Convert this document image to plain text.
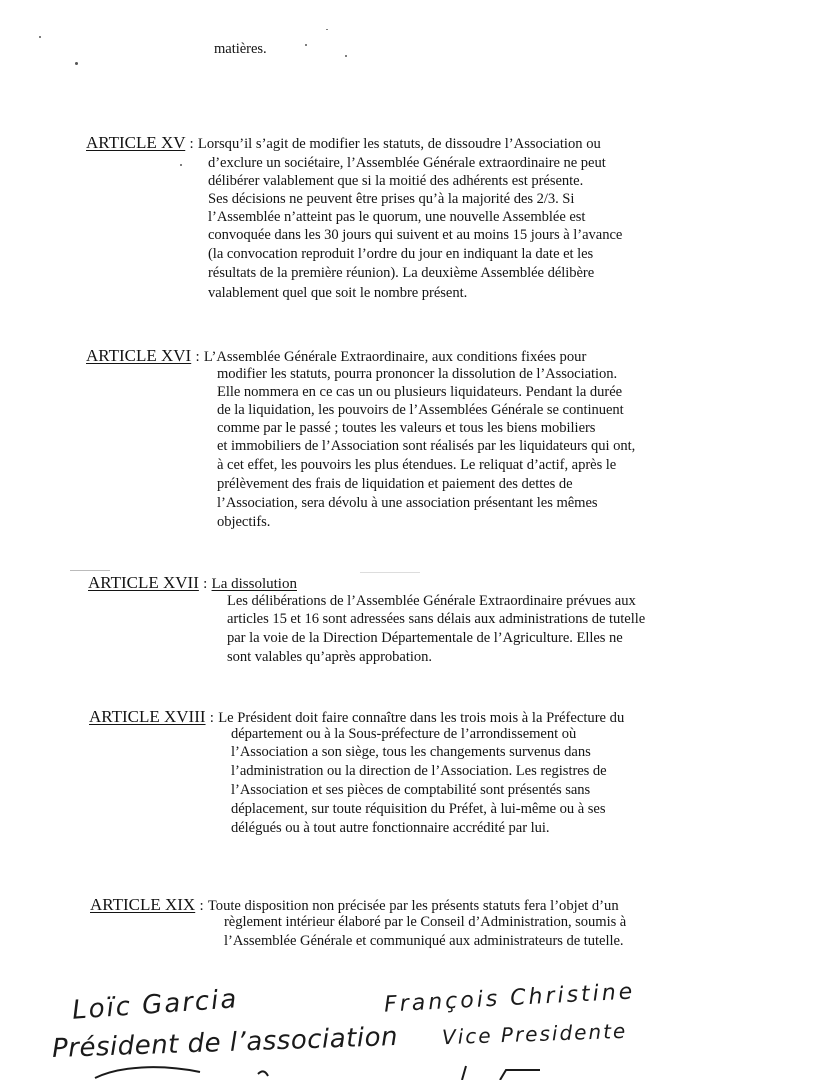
matières.
ARTICLE XV : Lorsqu’il s’agit de modifier les statuts, de dissoudre l’Association ou
d’exclure un sociétaire, l’Assemblée Générale extraordinaire ne peut
délibérer valablement que si la moitié des adhérents est présente.
Ses décisions ne peuvent être prises qu’à la majorité des 2/3. Si
l’Assemblée n’atteint pas le quorum, une nouvelle Assemblée est
convoquée dans les 30 jours qui suivent et au moins 15 jours à l’avance
(la convocation reproduit l’ordre du jour en indiquant la date et les
résultats de la première réunion). La deuxième Assemblée délibère
valablement quel que soit le nombre présent.
ARTICLE XVI : L’Assemblée Générale Extraordinaire, aux conditions fixées pour
modifier les statuts, pourra prononcer la dissolution de l’Association.
Elle nommera en ce cas un ou plusieurs liquidateurs. Pendant la durée
de la liquidation, les pouvoirs de l’Assemblées Générale se continuent
comme par le passé ; toutes les valeurs et tous les biens mobiliers
et immobiliers de l’Association sont réalisés par les liquidateurs qui ont,
à cet effet, les pouvoirs les plus étendues. Le reliquat d’actif, après le
prélèvement des frais de liquidation et paiement des dettes de
l’Association, sera dévolu à une association présentant les mêmes
objectifs.
ARTICLE XVII : La dissolution
Les délibérations de l’Assemblée Générale Extraordinaire prévues aux
articles 15 et 16 sont adressées sans délais aux administrations de tutelle
par la voie de la Direction Départementale de l’Agriculture. Elles ne
sont valables qu’après approbation.
ARTICLE XVIII : Le Président doit faire connaître dans les trois mois à la Préfecture du
département ou à la Sous-préfecture de l’arrondissement où
l’Association a son siège, tous les changements survenus dans
l’administration ou la direction de l’Association. Les registres de
l’Association et ses pièces de comptabilité sont présentés sans
déplacement, sur toute réquisition du Préfet, à lui-même ou à ses
délégués ou à tout autre fonctionnaire accrédité par lui.
ARTICLE XIX : Toute disposition non précisée par les présents statuts fera l’objet d’un
règlement intérieur élaboré par le Conseil d’Administration, soumis à
l’Assemblée Générale et communiqué aux administrateurs de tutelle.
Loïc Garcia
Président de l’association
François Christine
Vice Presidente
